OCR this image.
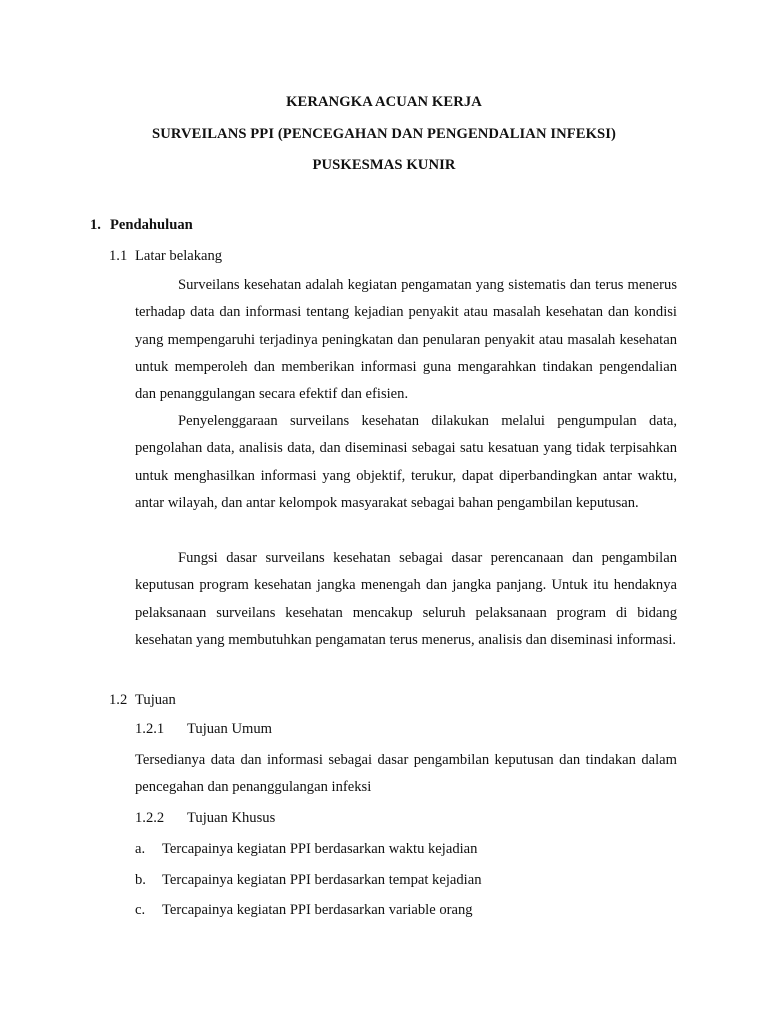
KERANGKA ACUAN KERJA
SURVEILANS PPI (PENCEGAHAN DAN PENGENDALIAN INFEKSI)
PUSKESMAS KUNIR
1. Pendahuluan
1.1 Latar belakang

Surveilans kesehatan adalah kegiatan pengamatan yang sistematis dan terus menerus terhadap data dan informasi tentang kejadian penyakit atau masalah kesehatan dan kondisi yang mempengaruhi terjadinya peningkatan dan penularan penyakit atau masalah kesehatan untuk memperoleh dan memberikan informasi guna mengarahkan tindakan pengendalian dan penanggulangan secara efektif dan efisien.

Penyelenggaraan surveilans kesehatan dilakukan melalui pengumpulan data, pengolahan data, analisis data, dan diseminasi sebagai satu kesatuan yang tidak terpisahkan untuk menghasilkan informasi yang objektif, terukur, dapat diperbandingkan antar waktu, antar wilayah, dan antar kelompok masyarakat sebagai bahan pengambilan keputusan.

Fungsi dasar surveilans kesehatan sebagai dasar perencanaan dan pengambilan keputusan program kesehatan jangka menengah dan jangka panjang. Untuk itu hendaknya pelaksanaan surveilans kesehatan mencakup seluruh pelaksanaan program di bidang kesehatan yang membutuhkan pengamatan terus menerus, analisis dan diseminasi informasi.

1.2 Tujuan
1.2.1 Tujuan Umum

Tersedianya data dan informasi sebagai dasar pengambilan keputusan dan tindakan dalam pencegahan dan penanggulangan infeksi

1.2.2 Tujuan Khusus
a. Tercapainya kegiatan PPI berdasarkan waktu kejadian
b. Tercapainya kegiatan PPI berdasarkan tempat kejadian
c. Tercapainya kegiatan PPI berdasarkan variable orang
